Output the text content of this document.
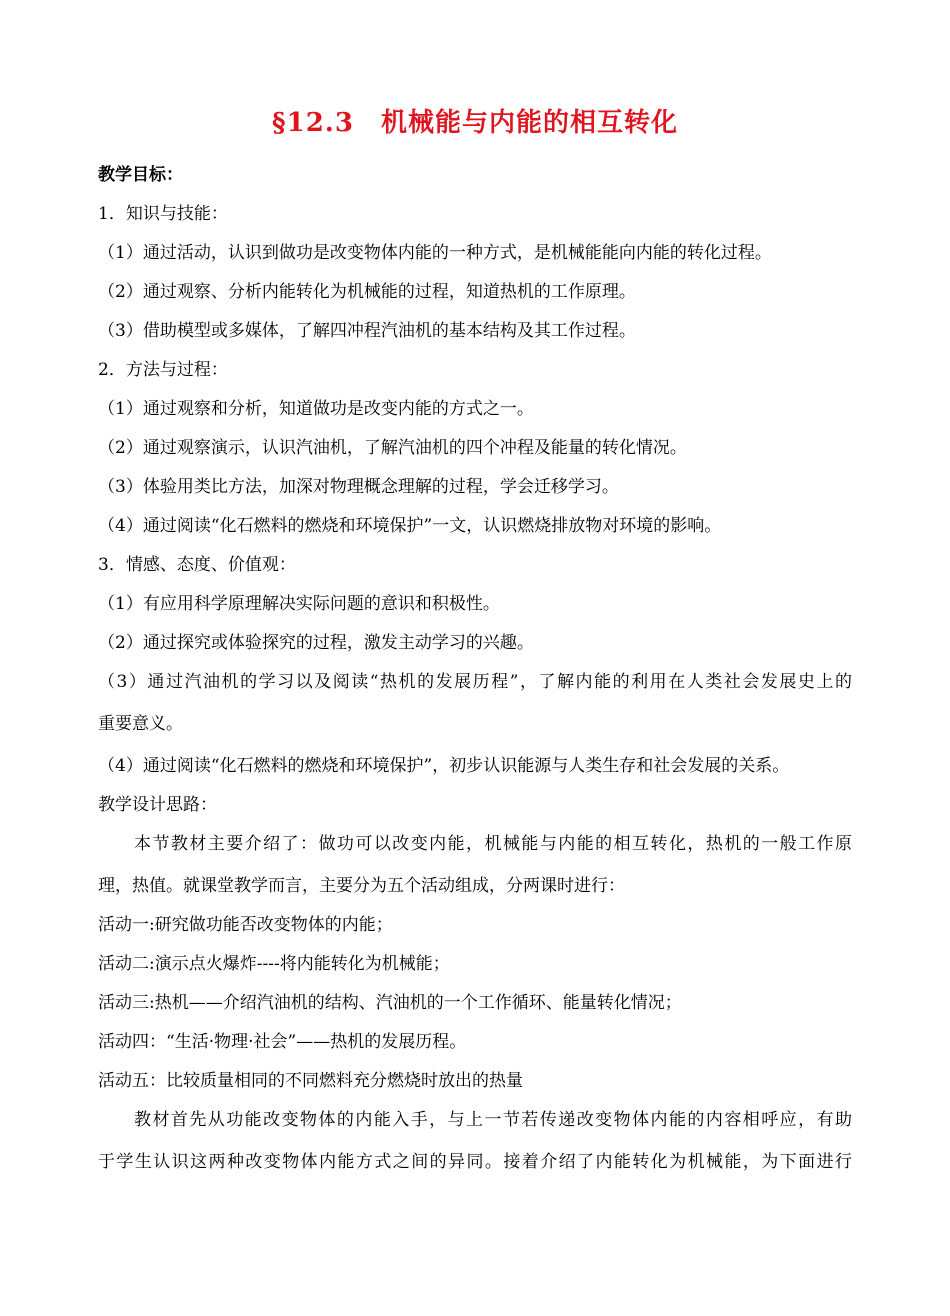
§12.3　机械能与内能的相互转化
教学目标：
1．知识与技能：
（1）通过活动，认识到做功是改变物体内能的一种方式，是机械能能向内能的转化过程。
（2）通过观察、分析内能转化为机械能的过程，知道热机的工作原理。
（3）借助模型或多媒体，了解四冲程汽油机的基本结构及其工作过程。
2．方法与过程：
（1）通过观察和分析，知道做功是改变内能的方式之一。
（2）通过观察演示，认识汽油机，了解汽油机的四个冲程及能量的转化情况。
（3）体验用类比方法，加深对物理概念理解的过程，学会迁移学习。
（4）通过阅读“化石燃料的燃烧和环境保护”一文，认识燃烧排放物对环境的影响。
3．情感、态度、价值观：
（1）有应用科学原理解决实际问题的意识和积极性。
（2）通过探究或体验探究的过程，激发主动学习的兴趣。
（3）通过汽油机的学习以及阅读“热机的发展历程”，了解内能的利用在人类社会发展史上的
重要意义。
（4）通过阅读“化石燃料的燃烧和环境保护”，初步认识能源与人类生存和社会发展的关系。
教学设计思路：
本节教材主要介绍了：做功可以改变内能，机械能与内能的相互转化，热机的一般工作原
理，热值。就课堂教学而言，主要分为五个活动组成，分两课时进行：
活动一:研究做功能否改变物体的内能；
活动二:演示点火爆炸----将内能转化为机械能；
活动三:热机——介绍汽油机的结构、汽油机的一个工作循环、能量转化情况；
活动四：“生活·物理·社会”——热机的发展历程。
活动五：比较质量相同的不同燃料充分燃烧时放出的热量
教材首先从功能改变物体的内能入手，与上一节若传递改变物体内能的内容相呼应，有助
于学生认识这两种改变物体内能方式之间的异同。接着介绍了内能转化为机械能，为下面进行
